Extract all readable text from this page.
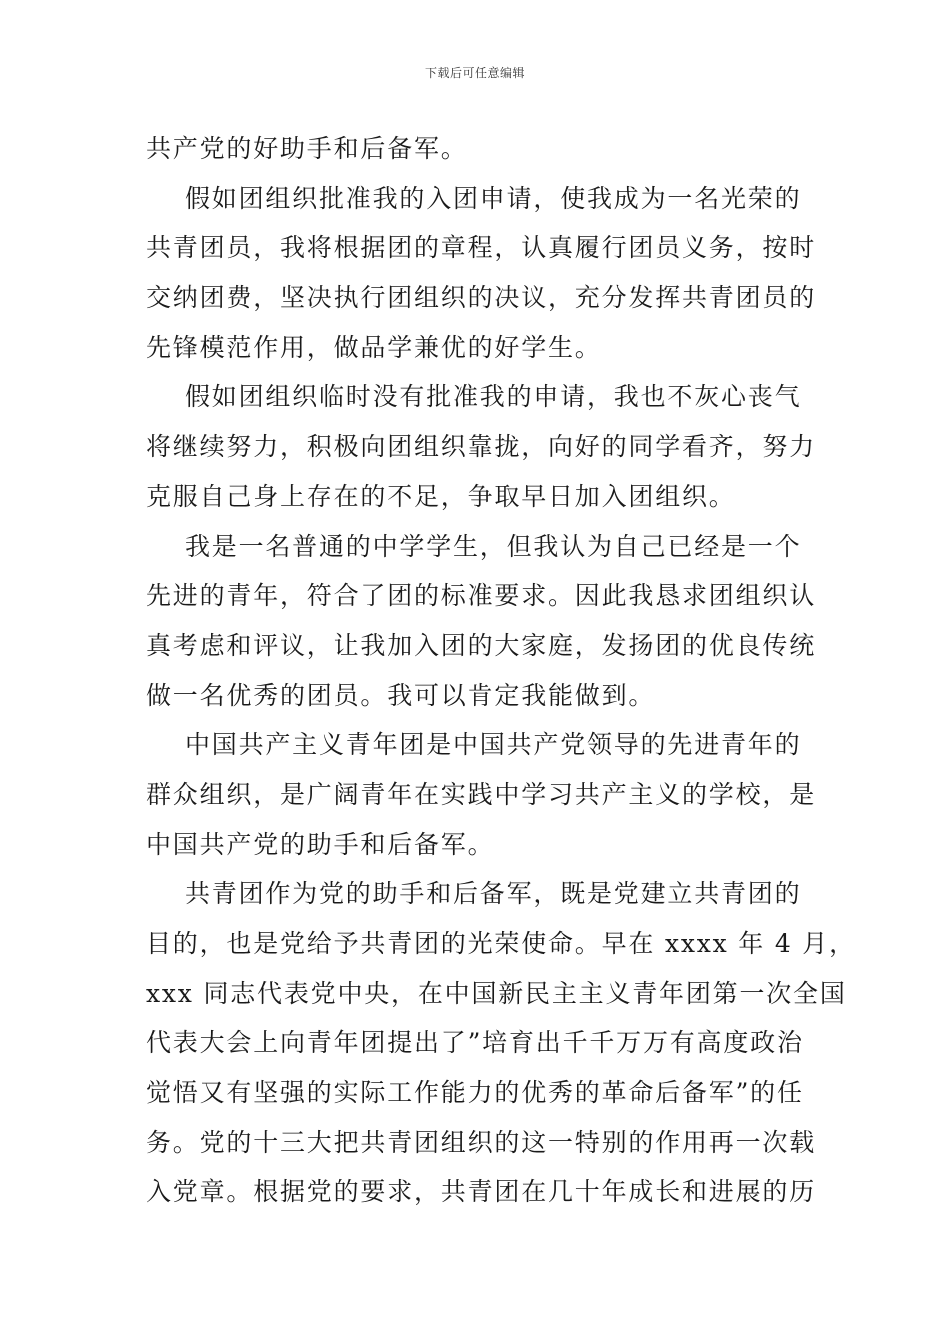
下载后可任意编辑
共产党的好助手和后备军。
假如团组织批准我的入团申请，使我成为一名光荣的
共青团员，我将根据团的章程，认真履行团员义务，按时
交纳团费，坚决执行团组织的决议，充分发挥共青团员的
先锋模范作用，做品学兼优的好学生。
假如团组织临时没有批准我的申请，我也不灰心丧气
将继续努力，积极向团组织靠拢，向好的同学看齐，努力
克服自己身上存在的不足，争取早日加入团组织。
我是一名普通的中学学生，但我认为自己已经是一个
先进的青年，符合了团的标准要求。因此我恳求团组织认
真考虑和评议，让我加入团的大家庭，发扬团的优良传统
做一名优秀的团员。我可以肯定我能做到。
中国共产主义青年团是中国共产党领导的先进青年的
群众组织，是广阔青年在实践中学习共产主义的学校，是
中国共产党的助手和后备军。
共青团作为党的助手和后备军，既是党建立共青团的
目的，也是党给予共青团的光荣使命。早在 xxxx 年 4 月，
xxx 同志代表党中央，在中国新民主主义青年团第一次全国
代表大会上向青年团提出了”培育出千千万万有高度政治
觉悟又有坚强的实际工作能力的优秀的革命后备军”的任
务。党的十三大把共青团组织的这一特别的作用再一次载
入党章。根据党的要求，共青团在几十年成长和进展的历
